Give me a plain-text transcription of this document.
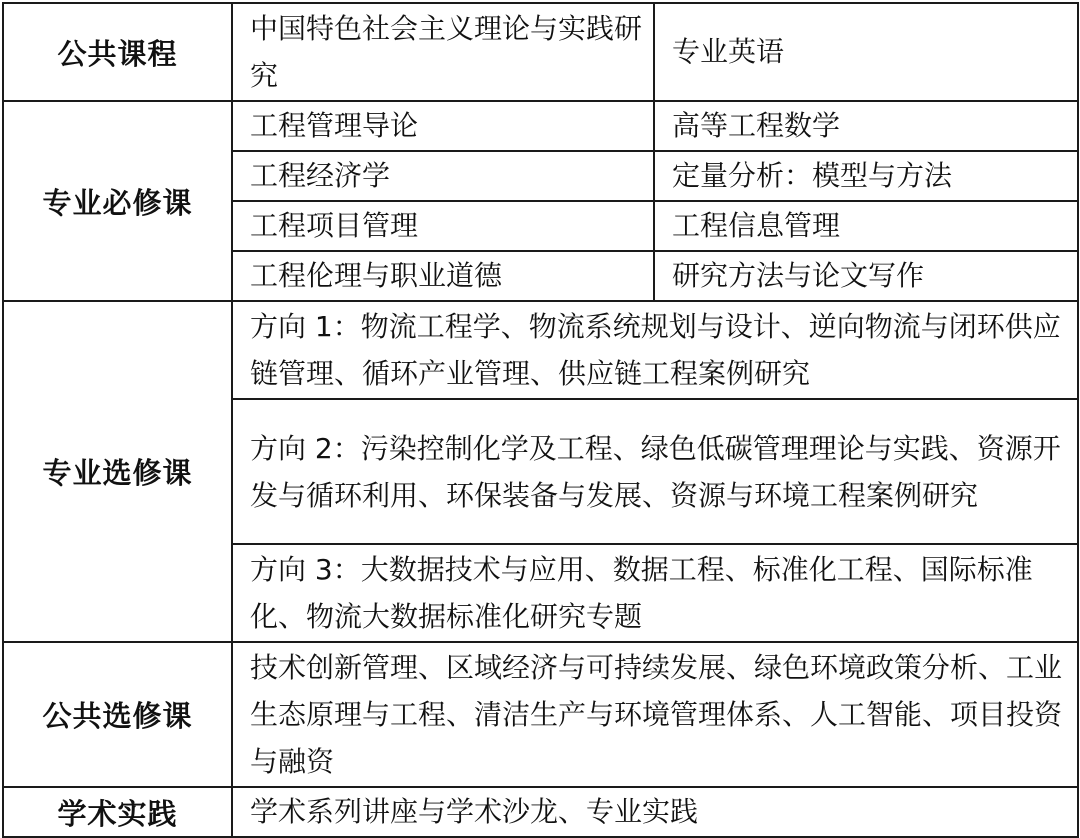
公共课程	中国特色社会主义理论与实践研究	专业英语
专业必修课	工程管理导论	高等工程数学
	工程经济学	定量分析：模型与方法
	工程项目管理	工程信息管理
	工程伦理与职业道德	研究方法与论文写作
专业选修课	方向 1：物流工程学、物流系统规划与设计、逆向物流与闭环供应链管理、循环产业管理、供应链工程案例研究	
	方向 2：污染控制化学及工程、绿色低碳管理理论与实践、资源开发与循环利用、环保装备与发展、资源与环境工程案例研究	
	方向 3：大数据技术与应用、数据工程、标准化工程、国际标准化、物流大数据标准化研究专题	
公共选修课	技术创新管理、区域经济与可持续发展、绿色环境政策分析、工业生态原理与工程、清洁生产与环境管理体系、人工智能、项目投资与融资	
学术实践	学术系列讲座与学术沙龙、专业实践	
